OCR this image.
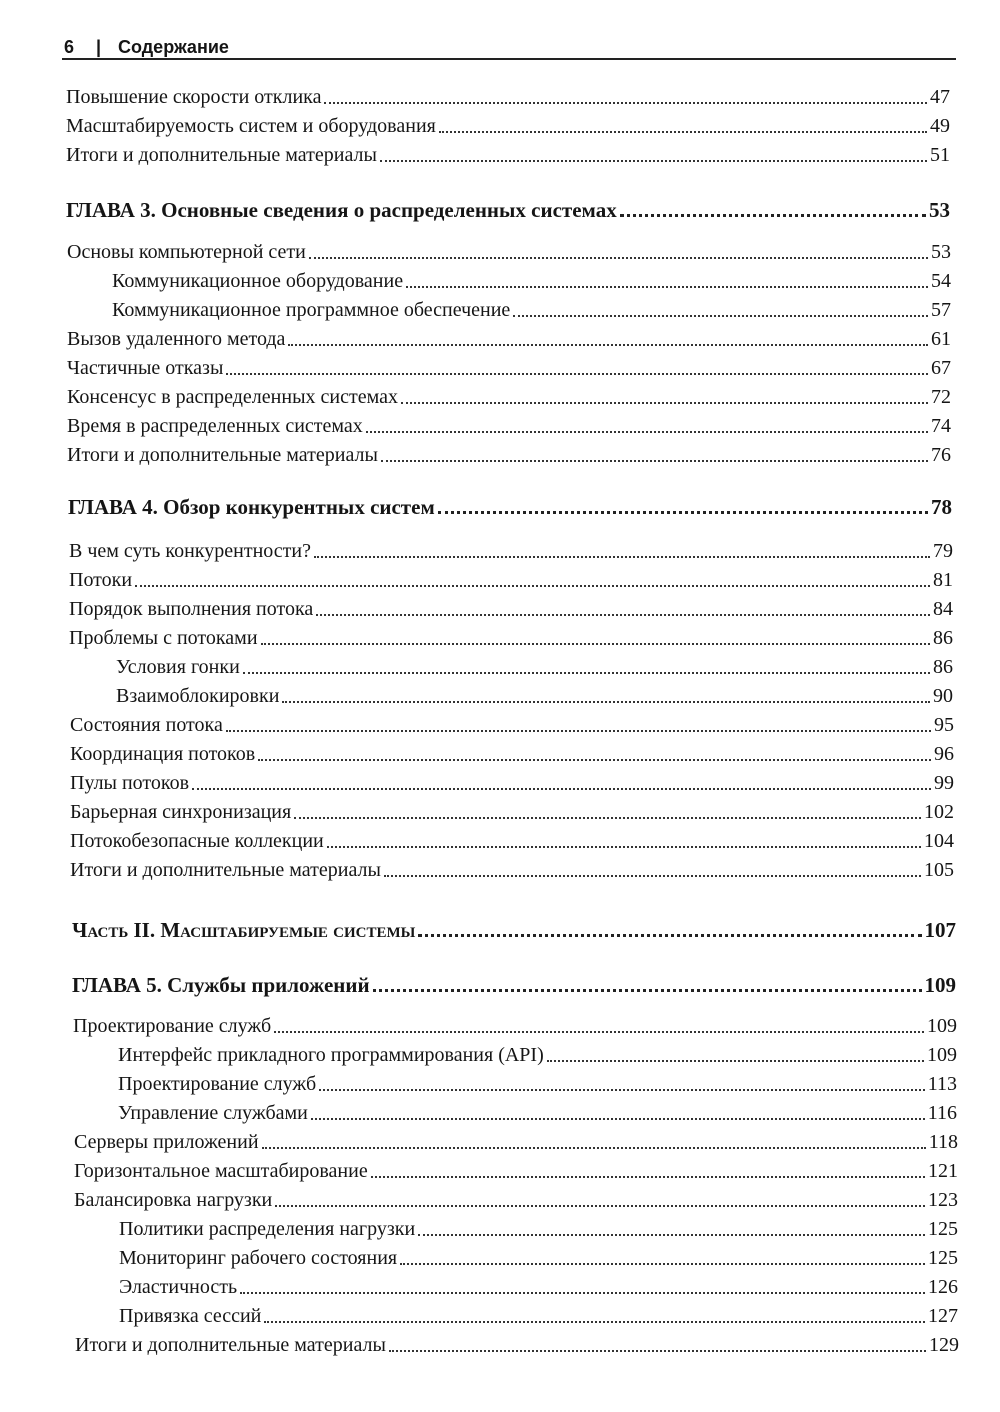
6 | Содержание
Повышение скорости отклика	47
Масштабируемость систем и оборудования	49
Итоги и дополнительные материалы	51
ГЛАВА 3. Основные сведения о распределенных системах	53
Основы компьютерной сети	53
Коммуникационное оборудование	54
Коммуникационное программное обеспечение	57
Вызов удаленного метода	61
Частичные отказы	67
Консенсус в распределенных системах	72
Время в распределенных системах	74
Итоги и дополнительные материалы	76
ГЛАВА 4. Обзор конкурентных систем	78
В чем суть конкурентности?	79
Потоки	81
Порядок выполнения потока	84
Проблемы с потоками	86
Условия гонки	86
Взаимоблокировки	90
Состояния потока	95
Координация потоков	96
Пулы потоков	99
Барьерная синхронизация	102
Потокобезопасные коллекции	104
Итоги и дополнительные материалы	105
Часть II. Масштабируемые системы	107
ГЛАВА 5. Службы приложений	109
Проектирование служб	109
Интерфейс прикладного программирования (API)	109
Проектирование служб	113
Управление службами	116
Серверы приложений	118
Горизонтальное масштабирование	121
Балансировка нагрузки	123
Политики распределения нагрузки	125
Мониторинг рабочего состояния	125
Эластичность	126
Привязка сессий	127
Итоги и дополнительные материалы	129
